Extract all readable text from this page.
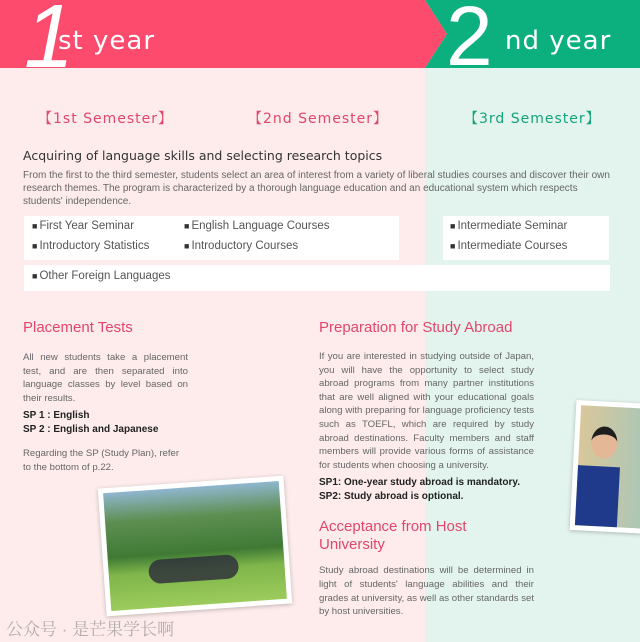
1
st year	2 nd year
【1st Semester】	【2nd Semester】	【3rd Semester】
Acquiring of language skills and selecting research topics
From the first to the third semester, students select an area of interest from a variety of liberal studies courses and discover their own research themes. The program is characterized by a thorough language education and an educational system which respects students' independence.
■ First Year Seminar	■ English Language Courses
■ Introductory Statistics	■ Introductory Courses
■ Intermediate Seminar
■ Intermediate Courses
■ Other Foreign Languages
Placement Tests
All new students take a placement test, and are then separated into language classes by level based on their results.
SP 1 : English
SP 2 : English and Japanese
Regarding the SP (Study Plan), refer to the bottom of p.22.
Preparation for Study Abroad
If you are interested in studying outside of Japan, you will have the opportunity to select study abroad programs from many partner institutions that are well aligned with your educational goals along with preparing for language proficiency tests such as TOEFL, which are required by study abroad destinations. Faculty members and staff members will provide various forms of assistance for students when choosing a university.
SP1: One-year study abroad is mandatory.
SP2: Study abroad is optional.
Acceptance from Host University
Study abroad destinations will be determined in light of students' language abilities and their grades at university, as well as other standards set by host universities.
公众号 · 是芒果学长啊
